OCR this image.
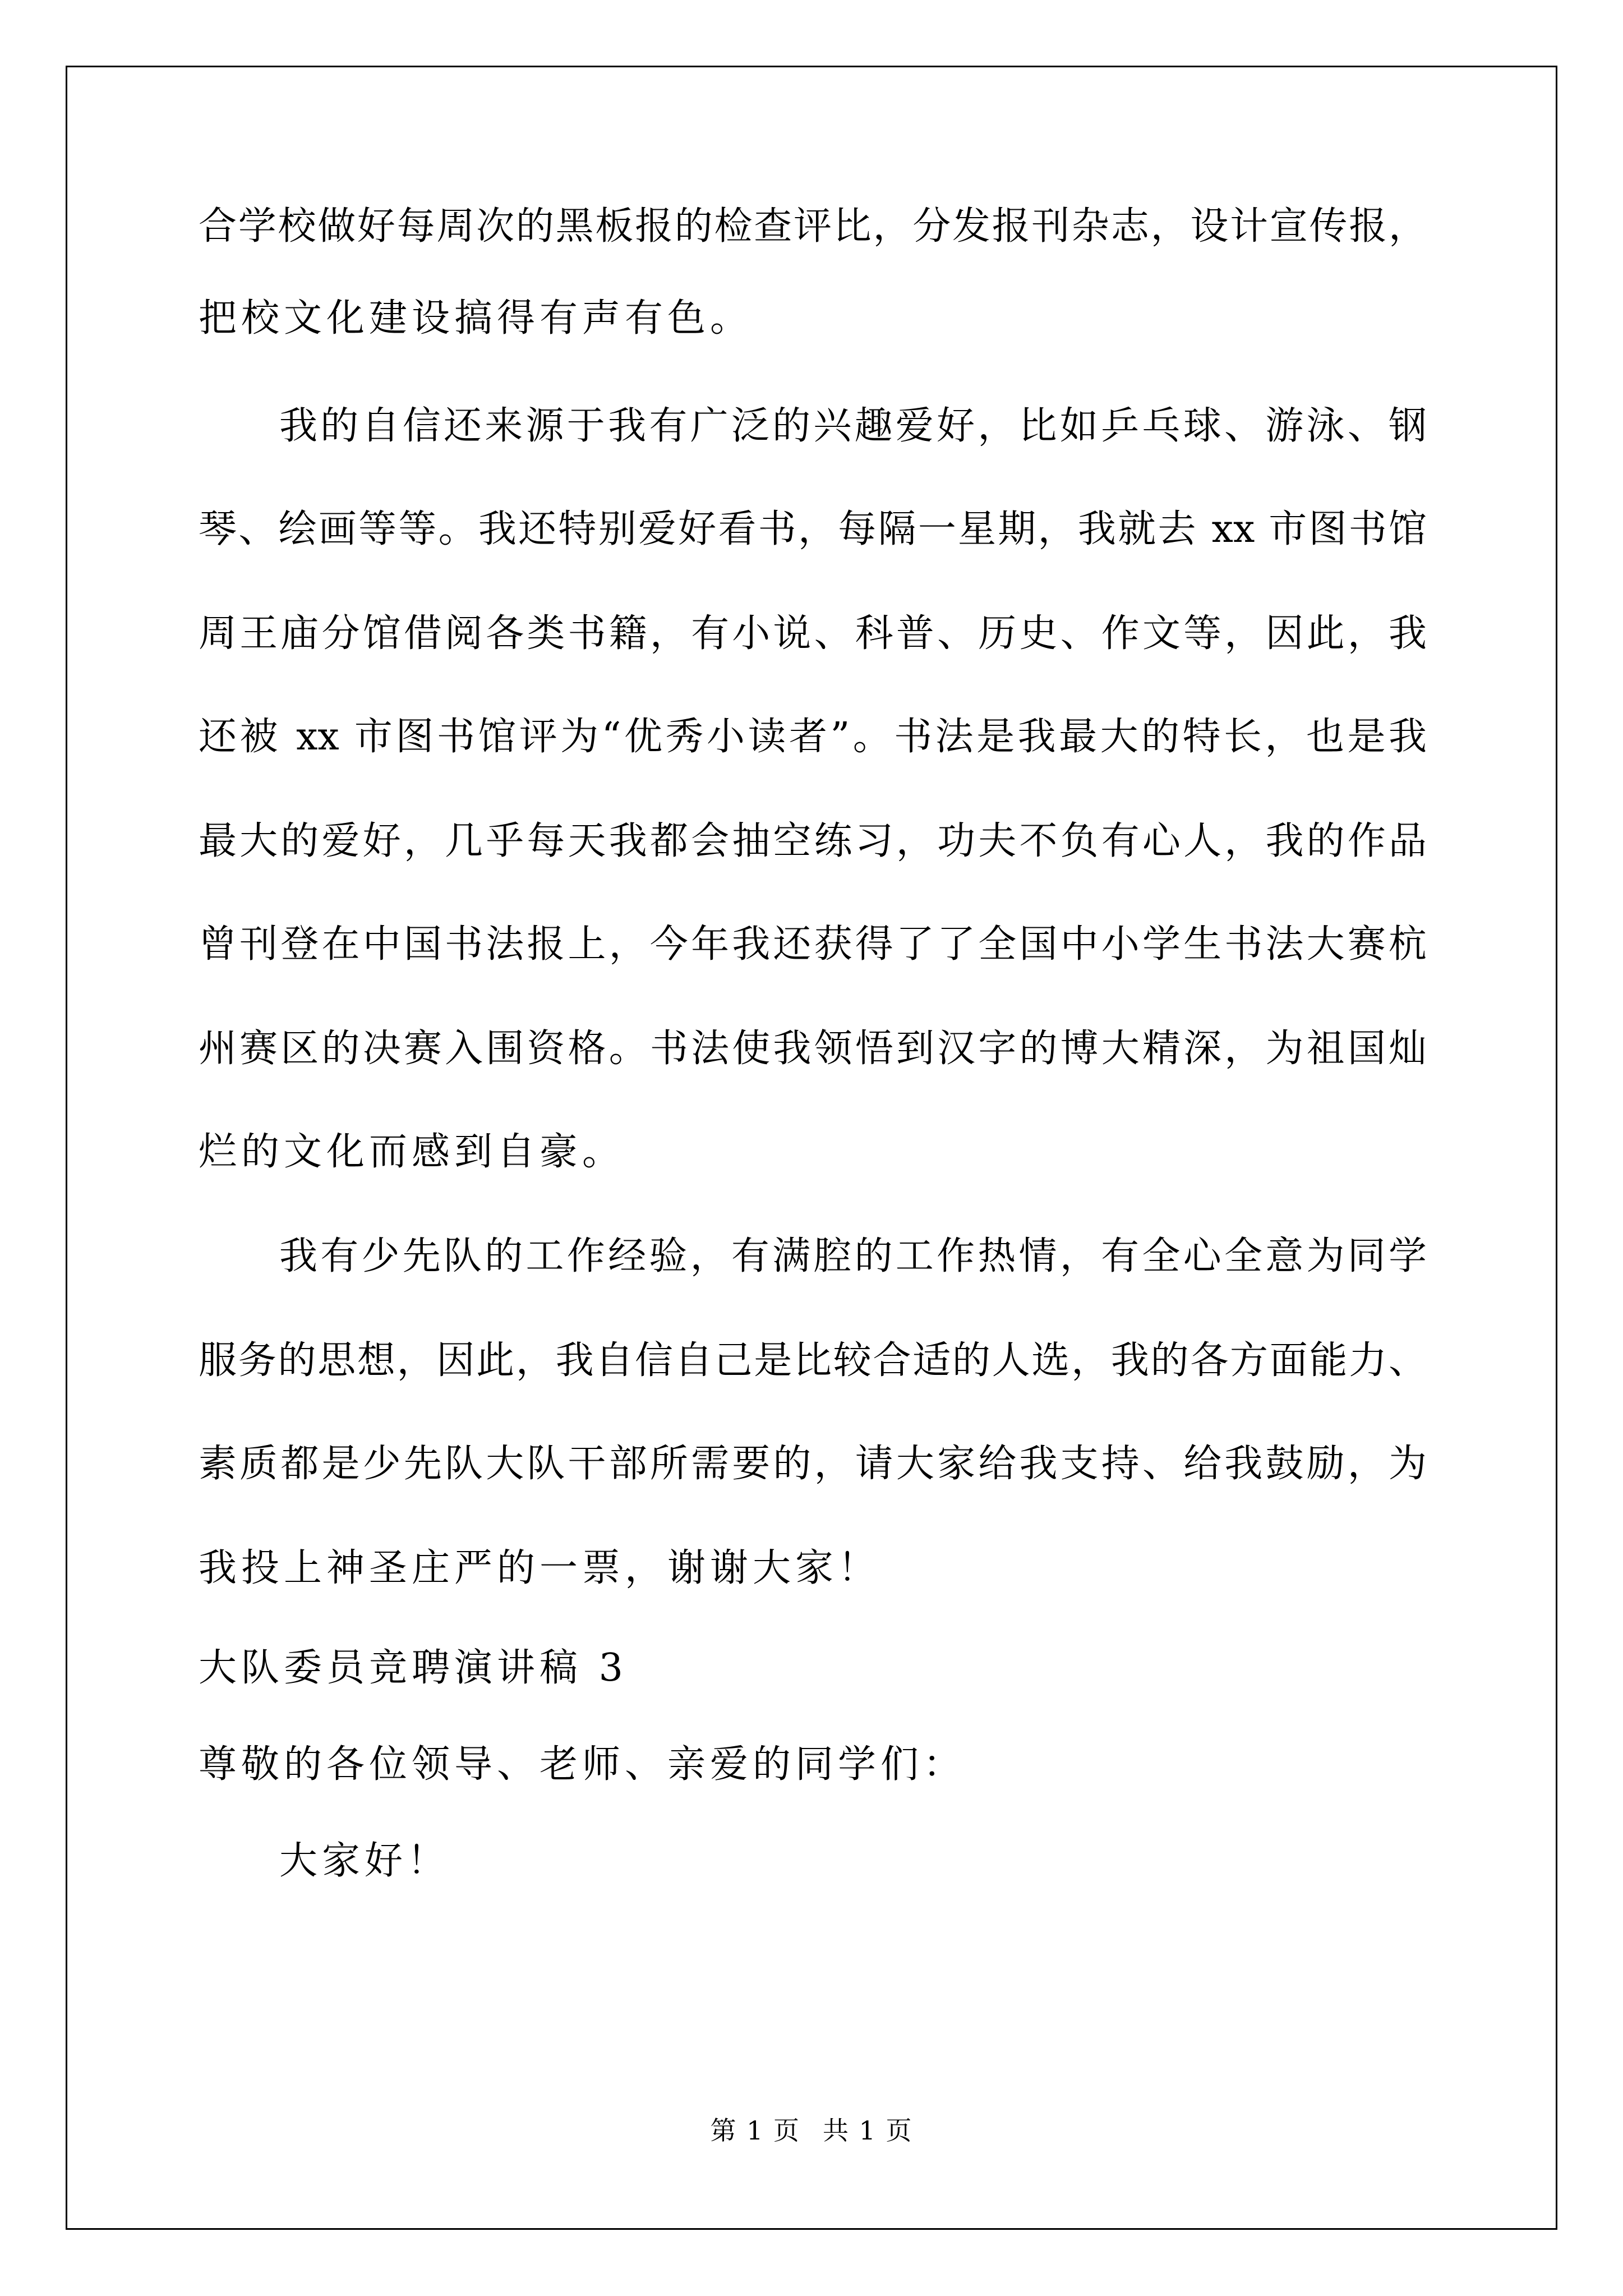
合学校做好每周次的黑板报的检查评比，分发报刊杂志，设计宣传报，
把校文化建设搞得有声有色。
我的自信还来源于我有广泛的兴趣爱好，比如乒乓球、游泳、钢
琴、绘画等等。我还特别爱好看书，每隔一星期，我就去 xx 市图书馆
周王庙分馆借阅各类书籍，有小说、科普、历史、作文等，因此，我
还被 xx 市图书馆评为“优秀小读者”。书法是我最大的特长，也是我
最大的爱好，几乎每天我都会抽空练习，功夫不负有心人，我的作品
曾刊登在中国书法报上，今年我还获得了了全国中小学生书法大赛杭
州赛区的决赛入围资格。书法使我领悟到汉字的博大精深，为祖国灿
烂的文化而感到自豪。
我有少先队的工作经验，有满腔的工作热情，有全心全意为同学
服务的思想，因此，我自信自己是比较合适的人选，我的各方面能力、
素质都是少先队大队干部所需要的，请大家给我支持、给我鼓励，为
我投上神圣庄严的一票，谢谢大家！
大队委员竞聘演讲稿 3
尊敬的各位领导、老师、亲爱的同学们：
大家好！
第 1 页 共 1 页
